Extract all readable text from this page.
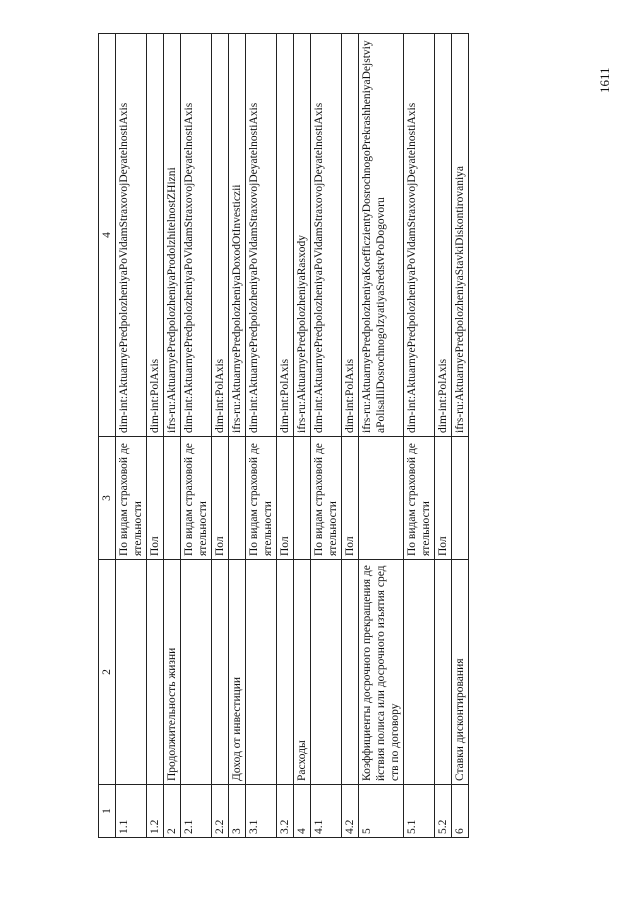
1611
1	2	3	4
1.1		По видам страховой деятельности	dim-int:AktuarnyePredpolozheniyaPoVidamStraxovojDeyatelnostiAxis
1.2		Пол	dim-int:PolAxis
2	Продолжительность жизни		ifrs-ru:AktuarnyePredpolozheniyaProdolzhitelnostZHizni
2.1		По видам страховой деятельности	dim-int:AktuarnyePredpolozheniyaPoVidamStraxovojDeyatelnostiAxis
2.2		Пол	dim-int:PolAxis
3	Доход от инвестиции		ifrs-ru:AktuarnyePredpolozheniyaDoxodOtInvesticzii
3.1		По видам страховой деятельности	dim-int:AktuarnyePredpolozheniyaPoVidamStraxovojDeyatelnostiAxis
3.2		Пол	dim-int:PolAxis
4	Расходы		ifrs-ru:AktuarnyePredpolozheniyaRasxody
4.1		По видам страховой деятельности	dim-int:AktuarnyePredpolozheniyaPoVidamStraxovojDeyatelnostiAxis
4.2		Пол	dim-int:PolAxis
5	Коэффициенты досрочного прекращения действия полиса или досрочного изъятия средств по договору		ifrs-ru:AktuarnyePredpolozheniyaKoefficzientyDosrochnogoPrekrashheniyaDejstviyaPolisaIliDosrochnogoIzyatiyaSredstvPoDogovoru
5.1		По видам страховой деятельности	dim-int:AktuarnyePredpolozheniyaPoVidamStraxovojDeyatelnostiAxis
5.2		Пол	dim-int:PolAxis
6	Ставки дисконтирования		ifrs-ru:AktuarnyePredpolozheniyaStavkiDiskontirovaniya
